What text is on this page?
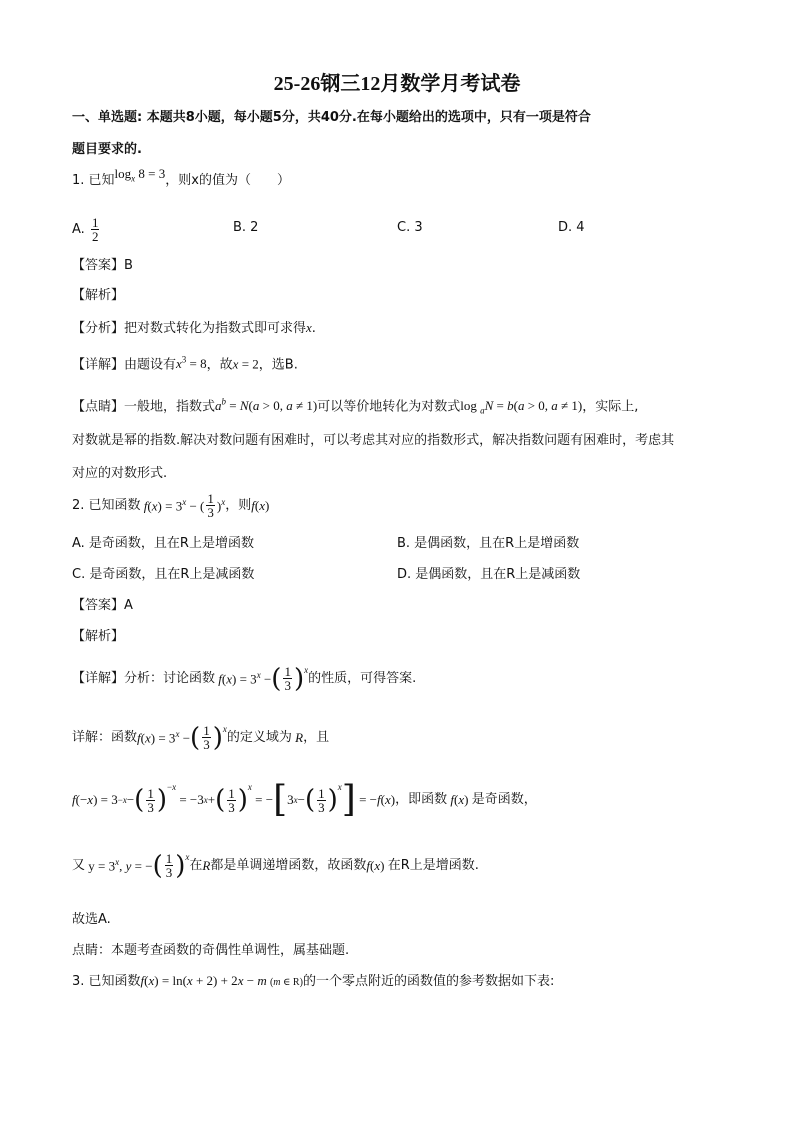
25-26钢三12月数学月考试卷
一、单选题: 本题共8小题，每小题5分，共40分.在每小题给出的选项中，只有一项是符合
题目要求的.
1. 已知$\log_x 8 = 3$，则x的值为（　　）
A. $\frac{1}{2}$	B. 2	C. 3	D. 4
【答案】B
【解析】
【分析】把对数式转化为指数式即可求得x.
【详解】由题设有$x^3 = 8$，故x = 2，选B.
【点睛】一般地，指数式$a^b = N(a > 0$, a ≠ 1)可以等价地转化为对数式log $_a$N = b(a > 0, a ≠ 1)，实际上,
对数就是幂的指数.解决对数问题有困难时，可以考虑其对应的指数形式，解决指数问题有困难时，考虑其
对应的对数形式.
2. 已知函数 $f(x) = 3^x$ − ( $\frac{1}{3} )^x$ ，则 f(x)
A. 是奇函数，且在R上是增函数	B. 是偶函数，且在R上是增函数
C. 是奇函数，且在R上是减函数	D. 是偶函数，且在R上是减函数
【答案】A
【解析】
【详解】分析：讨论函数 $f(x) = 3^x$ − ( $\frac{1}{3}$ ) $^x$
的性质，可得答案.
详解：函数 $f(x) = 3^x$ − ( $\frac{1}{3}$ ) $^x$
的定义域为 R ，且
f (− x ) = 3 −x − ( $\frac{1}{3} )^{-x}$
= −3 x + ( $\frac{1}{3}$ ) $^x$
= − [ 3 x − ( $\frac{1}{3}$ ) $^x$ ] = − f ( x ) ，即函数 f ( x ) 是奇函数，
又 $y = 3^x$, y = − ( $\frac{1}{3}$ ) $^x$
在 R 都是单调递增函数，故函数 f(x) 在R上是增函数.
故选A.
点睛：本题考查函数的奇偶性单调性，属基础题.
3. 已知函数f(x) = ln(x + 2) + 2x − m (m ∈ R)的一个零点附近的函数值的参考数据如下表:
